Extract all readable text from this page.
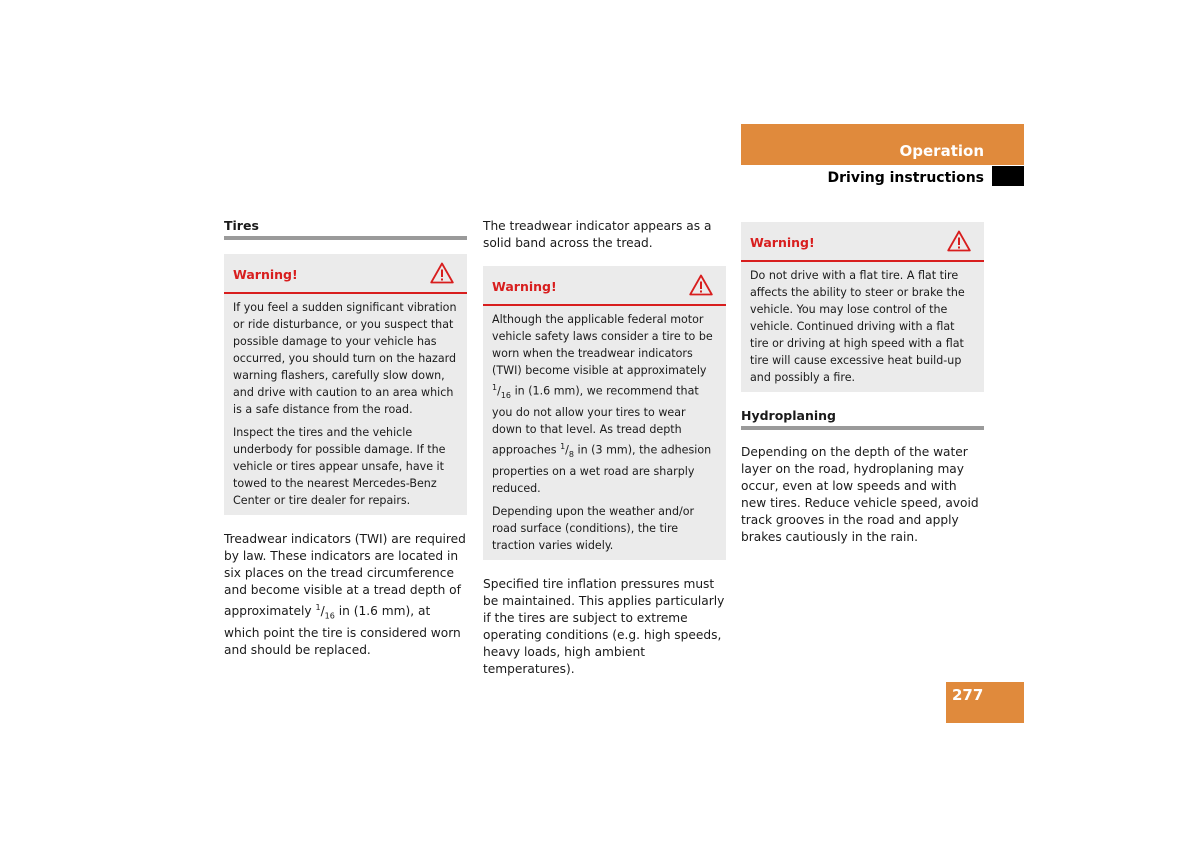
Operation
Driving instructions
Tires
Warning!

If you feel a sudden significant vibration or ride disturbance, or you suspect that possible damage to your vehicle has occurred, you should turn on the hazard warning flashers, carefully slow down, and drive with caution to an area which is a safe distance from the road.

Inspect the tires and the vehicle underbody for possible damage. If the vehicle or tires appear unsafe, have it towed to the nearest Mercedes-Benz Center or tire dealer for repairs.

Treadwear indicators (TWI) are required by law. These indicators are located in six places on the tread circumference and become visible at a tread depth of approximately $^1/_{16}$ in (1.6 mm), at which point the tire is considered worn and should be replaced.

The treadwear indicator appears as a solid band across the tread.

Warning!

Although the applicable federal motor vehicle safety laws consider a tire to be worn when the treadwear indicators (TWI) become visible at approximately $^1/_{16}$ in (1.6 mm), we recommend that you do not allow your tires to wear down to that level. As tread depth approaches $^1/_8$ in (3 mm), the adhesion properties on a wet road are sharply reduced.

Depending upon the weather and/or road surface (conditions), the tire traction varies widely.

Specified tire inflation pressures must be maintained. This applies particularly if the tires are subject to extreme operating conditions (e.g. high speeds, heavy loads, high ambient temperatures).

Warning!

Do not drive with a flat tire. A flat tire affects the ability to steer or brake the vehicle. You may lose control of the vehicle. Continued driving with a flat tire or driving at high speed with a flat tire will cause excessive heat build-up and possibly a fire.

Hydroplaning

Depending on the depth of the water layer on the road, hydroplaning may occur, even at low speeds and with new tires. Reduce vehicle speed, avoid track grooves in the road and apply brakes cautiously in the rain.

277
